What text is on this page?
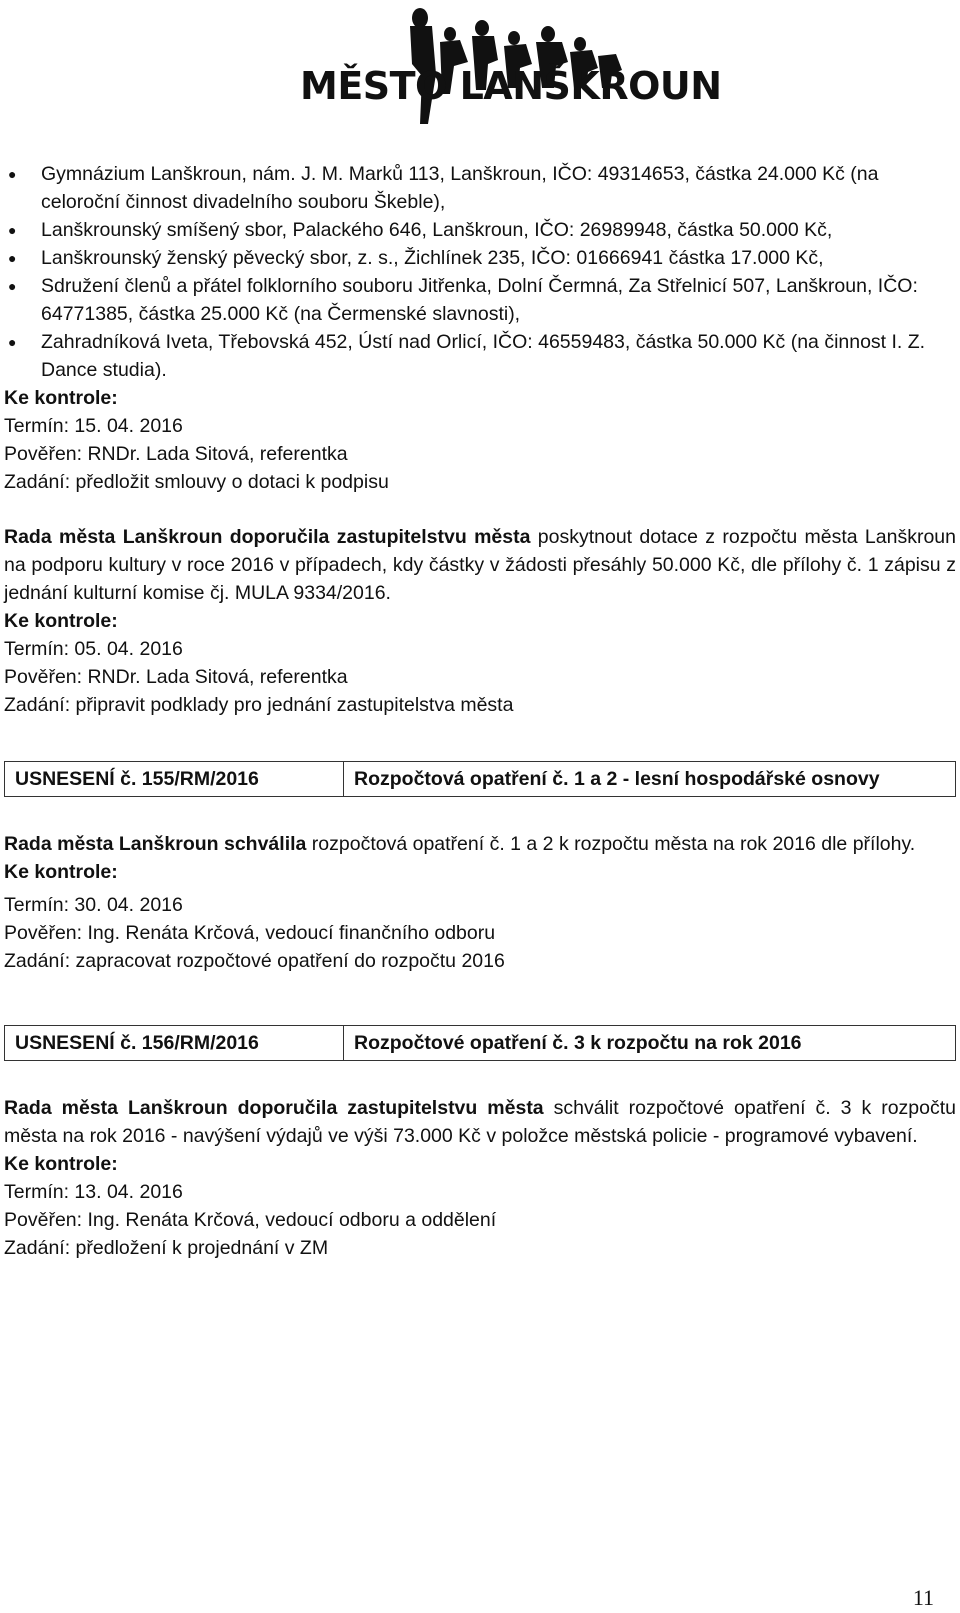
MĚSTO LANŠKROUN
● Gymnázium Lanškroun, nám. J. M. Marků 113, Lanškroun, IČO: 49314653, částka 24.000 Kč (na celoroční činnost divadelního souboru Škeble),
● Lanškrounský smíšený sbor, Palackého 646, Lanškroun, IČO: 26989948, částka 50.000 Kč,
● Lanškrounský ženský pěvecký sbor, z. s., Žichlínek 235, IČO: 01666941 částka 17.000 Kč,
● Sdružení členů a přátel folklorního souboru Jitřenka, Dolní Čermná, Za Střelnicí 507, Lanškroun, IČO: 64771385, částka 25.000 Kč (na Čermenské slavnosti),
● Zahradníková Iveta, Třebovská 452, Ústí nad Orlicí, IČO: 46559483, částka 50.000 Kč (na činnost I. Z. Dance studia).
Ke kontrole:
Termín: 15. 04. 2016
Pověřen: RNDr. Lada Sitová, referentka
Zadání: předložit smlouvy o dotaci k podpisu
Rada města Lanškroun doporučila zastupitelstvu města poskytnout dotace z rozpočtu města Lanškroun na podporu kultury v roce 2016 v případech, kdy částky v žádosti přesáhly 50.000 Kč, dle přílohy č. 1 zápisu z jednání kulturní komise čj. MULA 9334/2016.
Ke kontrole:
Termín: 05. 04. 2016
Pověřen: RNDr. Lada Sitová, referentka
Zadání: připravit podklady pro jednání zastupitelstva města
USNESENÍ č. 155/RM/2016	Rozpočtová opatření č. 1 a 2 - lesní hospodářské osnovy
Rada města Lanškroun schválila rozpočtová opatření č. 1 a 2 k rozpočtu města na rok 2016 dle přílohy.
Ke kontrole:
Termín: 30. 04. 2016
Pověřen: Ing. Renáta Krčová, vedoucí finančního odboru
Zadání: zapracovat rozpočtové opatření do rozpočtu 2016
USNESENÍ č. 156/RM/2016	Rozpočtové opatření č. 3 k rozpočtu na rok 2016
Rada města Lanškroun doporučila zastupitelstvu města schválit rozpočtové opatření č. 3 k rozpočtu města na rok 2016 - navýšení výdajů ve výši 73.000 Kč v položce městská policie - programové vybavení.
Ke kontrole:
Termín: 13. 04. 2016
Pověřen: Ing. Renáta Krčová, vedoucí odboru a oddělení
Zadání: předložení k projednání v ZM
11
